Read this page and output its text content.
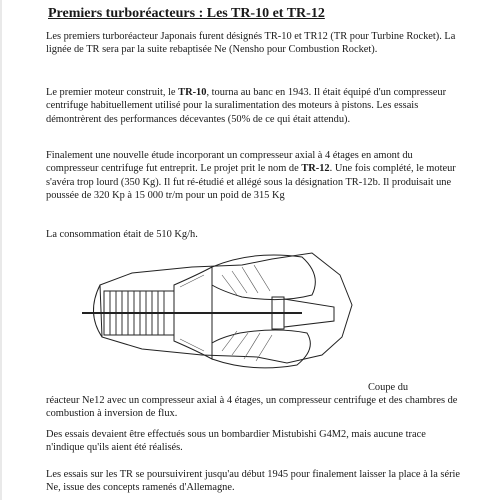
Premiers turboréacteurs : Les TR-10 et TR-12

Les premiers turboréacteur Japonais furent désignés TR-10 et TR12 (TR pour Turbine Rocket). La lignée de TR sera par la suite rebaptisée Ne (Nensho pour Combustion Rocket).

Le premier moteur construit, le TR-10, tourna au banc en 1943. Il était équipé d'un compresseur centrifuge habituellement utilisé pour la suralimentation des moteurs à pistons. Les essais démontrèrent des performances décevantes (50% de ce qui était attendu).

Finalement une nouvelle étude incorporant un compresseur axial à 4 étages en amont du compresseur centrifuge fut entreprit. Le projet prit le nom de TR-12. Une fois complété, le moteur s'avéra trop lourd (350 Kg). Il fut ré-étudié et allégé sous la désignation TR-12b. Il produisait une poussée de 320 Kp à 15 000 tr/m pour un poid de 315 Kg

La consommation était de 510 Kg/h.

Coupe du

réacteur Ne12 avec un compresseur axial à 4 étages, un compresseur centrifuge et des chambres de combustion à inversion de flux.

Des essais devaient être effectués sous un bombardier Mistubishi G4M2, mais aucune trace n'indique qu'ils aient été réalisés.

Les essais sur les TR se poursuivirent jusqu'au début 1945 pour finalement laisser la place à la série Ne, issue des concepts ramenés d'Allemagne.
